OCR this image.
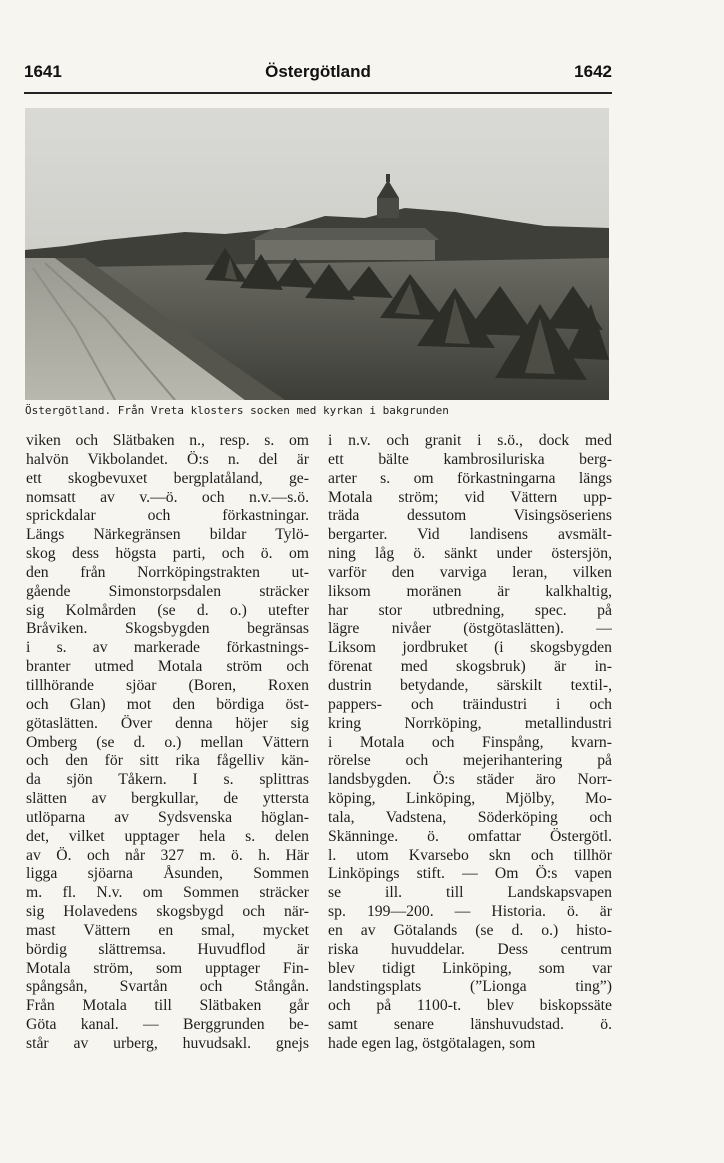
1641	Östergötland	1642
Östergötland. Från Vreta klosters socken med kyrkan i bakgrunden
viken och Slätbaken n., resp. s. om
halvön Vikbolandet. Ö:s n. del är
ett skogbevuxet bergplatåland, ge-
nomsatt av v.—ö. och n.v.—s.ö.
sprickdalar och förkastningar.
Längs Närkegränsen bildar Tylö-
skog dess högsta parti, och ö. om
den från Norrköpingstrakten ut-
gående Simonstorpsdalen sträcker
sig Kolmården (se d. o.) utefter
Bråviken. Skogsbygden begränsas
i s. av markerade förkastnings-
branter utmed Motala ström och
tillhörande sjöar (Boren, Roxen
och Glan) mot den bördiga öst-
götaslätten. Över denna höjer sig
Omberg (se d. o.) mellan Vättern
och den för sitt rika fågelliv kän-
da sjön Tåkern. I s. splittras
slätten av bergkullar, de yttersta
utlöparna av Sydsvenska höglan-
det, vilket upptager hela s. delen
av Ö. och når 327 m. ö. h. Här
ligga sjöarna Åsunden, Sommen
m. fl. N.v. om Sommen sträcker
sig Holavedens skogsbygd och när-
mast Vättern en smal, mycket
bördig slättremsa. Huvudflod är
Motala ström, som upptager Fin-
spångsån, Svartån och Stångån.
Från Motala till Slätbaken går
Göta kanal. — Berggrunden be-
står av urberg, huvudsakl. gnejs
i n.v. och granit i s.ö., dock med
ett bälte kambrosiluriska berg-
arter s. om förkastningarna längs
Motala ström; vid Vättern upp-
träda dessutom Visingsöseriens
bergarter. Vid landisens avsmält-
ning låg ö. sänkt under östersjön,
varför den varviga leran, vilken
liksom moränen är kalkhaltig,
har stor utbredning, spec. på
lägre nivåer (östgötaslätten). —
Liksom jordbruket (i skogsbygden
förenat med skogsbruk) är in-
dustrin betydande, särskilt textil-,
pappers- och träindustri i och
kring Norrköping, metallindustri
i Motala och Finspång, kvarn-
rörelse och mejerihantering på
landsbygden. Ö:s städer äro Norr-
köping, Linköping, Mjölby, Mo-
tala, Vadstena, Söderköping och
Skänninge. ö. omfattar Östergötl.
l. utom Kvarsebo skn och tillhör
Linköpings stift. — Om Ö:s vapen
se ill. till Landskapsvapen
sp. 199—200. — Historia. ö. är
en av Götalands (se d. o.) histo-
riska huvuddelar. Dess centrum
blev tidigt Linköping, som var
landstingsplats (”Lionga ting”)
och på 1100-t. blev biskopssäte
samt senare länshuvudstad. ö.
hade egen lag, östgötalagen, som
